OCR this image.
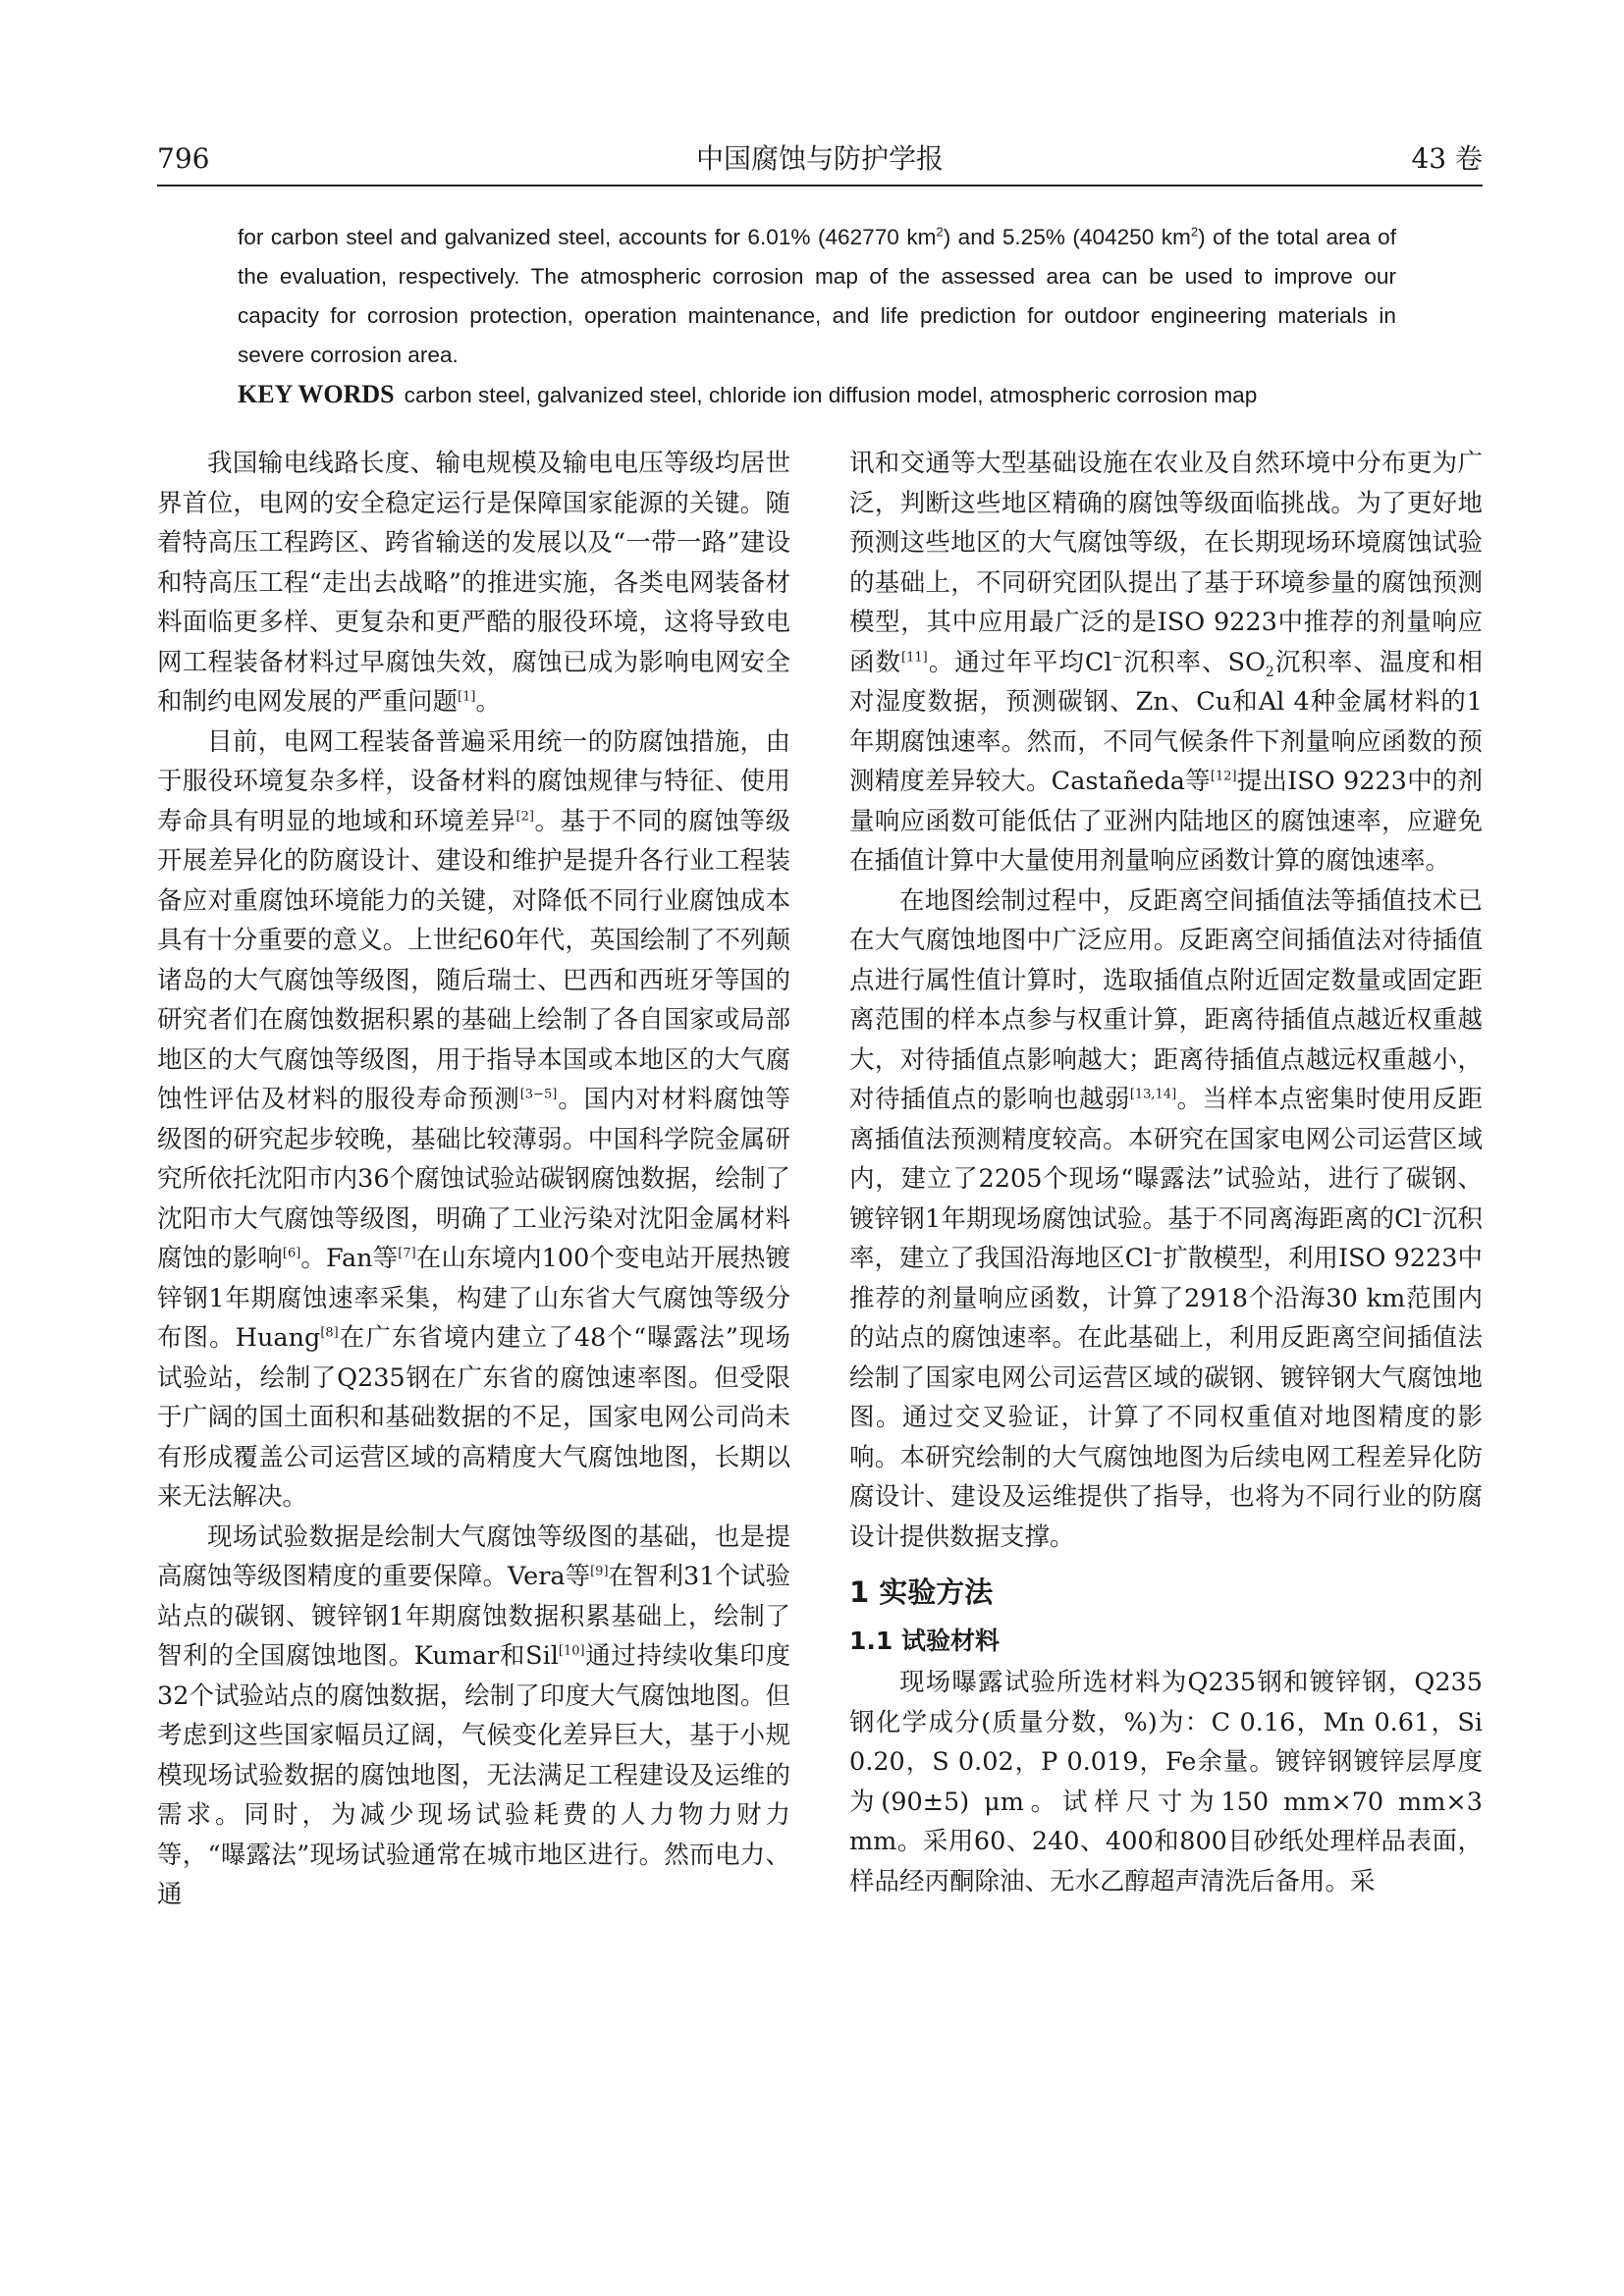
796	中国腐蚀与防护学报	43 卷

for carbon steel and galvanized steel, accounts for 6.01% (462770 $km^2$) and 5.25% (404250 $km^2$) of the total area of the evaluation, respectively. The atmospheric corrosion map of the assessed area can be used to improve our capacity for corrosion protection, operation maintenance, and life prediction for outdoor engineering materials in severe corrosion area.

KEY WORDS carbon steel, galvanized steel, chloride ion diffusion model, atmospheric corrosion map

我国输电线路长度、输电规模及输电电压等级均居世界首位，电网的安全稳定运行是保障国家能源的关键。随着特高压工程跨区、跨省输送的发展以及“一带一路”建设和特高压工程“走出去战略”的推进实施，各类电网装备材料面临更多样、更复杂和更严酷的服役环境，这将导致电网工程装备材料过早腐蚀失效，腐蚀已成为影响电网安全和制约电网发展的严重问题[1]。

目前，电网工程装备普遍采用统一的防腐蚀措施，由于服役环境复杂多样，设备材料的腐蚀规律与特征、使用寿命具有明显的地域和环境差异[2]。基于不同的腐蚀等级开展差异化的防腐设计、建设和维护是提升各行业工程装备应对重腐蚀环境能力的关键，对降低不同行业腐蚀成本具有十分重要的意义。上世纪60年代，英国绘制了不列颠诸岛的大气腐蚀等级图，随后瑞士、巴西和西班牙等国的研究者们在腐蚀数据积累的基础上绘制了各自国家或局部地区的大气腐蚀等级图，用于指导本国或本地区的大气腐蚀性评估及材料的服役寿命预测[3−5]。国内对材料腐蚀等级图的研究起步较晚，基础比较薄弱。中国科学院金属研究所依托沈阳市内36个腐蚀试验站碳钢腐蚀数据，绘制了沈阳市大气腐蚀等级图，明确了工业污染对沈阳金属材料腐蚀的影响[6]。Fan等[7]在山东境内100个变电站开展热镀锌钢1年期腐蚀速率采集，构建了山东省大气腐蚀等级分布图。Huang[8]在广东省境内建立了48个“曝露法”现场试验站，绘制了Q235钢在广东省的腐蚀速率图。但受限于广阔的国土面积和基础数据的不足，国家电网公司尚未有形成覆盖公司运营区域的高精度大气腐蚀地图，长期以来无法解决。

现场试验数据是绘制大气腐蚀等级图的基础，也是提高腐蚀等级图精度的重要保障。Vera等[9]在智利31个试验站点的碳钢、镀锌钢1年期腐蚀数据积累基础上，绘制了智利的全国腐蚀地图。Kumar和Sil[10]通过持续收集印度32个试验站点的腐蚀数据，绘制了印度大气腐蚀地图。但考虑到这些国家幅员辽阔，气候变化差异巨大，基于小规模现场试验数据的腐蚀地图，无法满足工程建设及运维的需求。同时，为减少现场试验耗费的人力物力财力等，“曝露法”现场试验通常在城市地区进行。然而电力、通

讯和交通等大型基础设施在农业及自然环境中分布更为广泛，判断这些地区精确的腐蚀等级面临挑战。为了更好地预测这些地区的大气腐蚀等级，在长期现场环境腐蚀试验的基础上，不同研究团队提出了基于环境参量的腐蚀预测模型，其中应用最广泛的是ISO 9223中推荐的剂量响应函数[11]。通过年平均Cl−沉积率、$SO_2$沉积率、温度和相对湿度数据，预测碳钢、Zn、Cu和Al 4种金属材料的1年期腐蚀速率。然而，不同气候条件下剂量响应函数的预测精度差异较大。Castañeda等[12]提出ISO 9223中的剂量响应函数可能低估了亚洲内陆地区的腐蚀速率，应避免在插值计算中大量使用剂量响应函数计算的腐蚀速率。

在地图绘制过程中，反距离空间插值法等插值技术已在大气腐蚀地图中广泛应用。反距离空间插值法对待插值点进行属性值计算时，选取插值点附近固定数量或固定距离范围的样本点参与权重计算，距离待插值点越近权重越大，对待插值点影响越大；距离待插值点越远权重越小，对待插值点的影响也越弱[13,14]。当样本点密集时使用反距离插值法预测精度较高。本研究在国家电网公司运营区域内，建立了2205个现场“曝露法”试验站，进行了碳钢、镀锌钢1年期现场腐蚀试验。基于不同离海距离的Cl−沉积率，建立了我国沿海地区Cl−扩散模型，利用ISO 9223中推荐的剂量响应函数，计算了2918个沿海30 km范围内的站点的腐蚀速率。在此基础上，利用反距离空间插值法绘制了国家电网公司运营区域的碳钢、镀锌钢大气腐蚀地图。通过交叉验证，计算了不同权重值对地图精度的影响。本研究绘制的大气腐蚀地图为后续电网工程差异化防腐设计、建设及运维提供了指导，也将为不同行业的防腐设计提供数据支撑。

1 实验方法
1.1 试验材料

现场曝露试验所选材料为Q235钢和镀锌钢，Q235钢化学成分(质量分数，%)为：C 0.16，Mn 0.61，Si 0.20，S 0.02，P 0.019，Fe余量。镀锌钢镀锌层厚度为(90±5) μm。试样尺寸为150 mm×70 mm×3 mm。采用60、240、400和800目砂纸处理样品表面，样品经丙酮除油、无水乙醇超声清洗后备用。采
